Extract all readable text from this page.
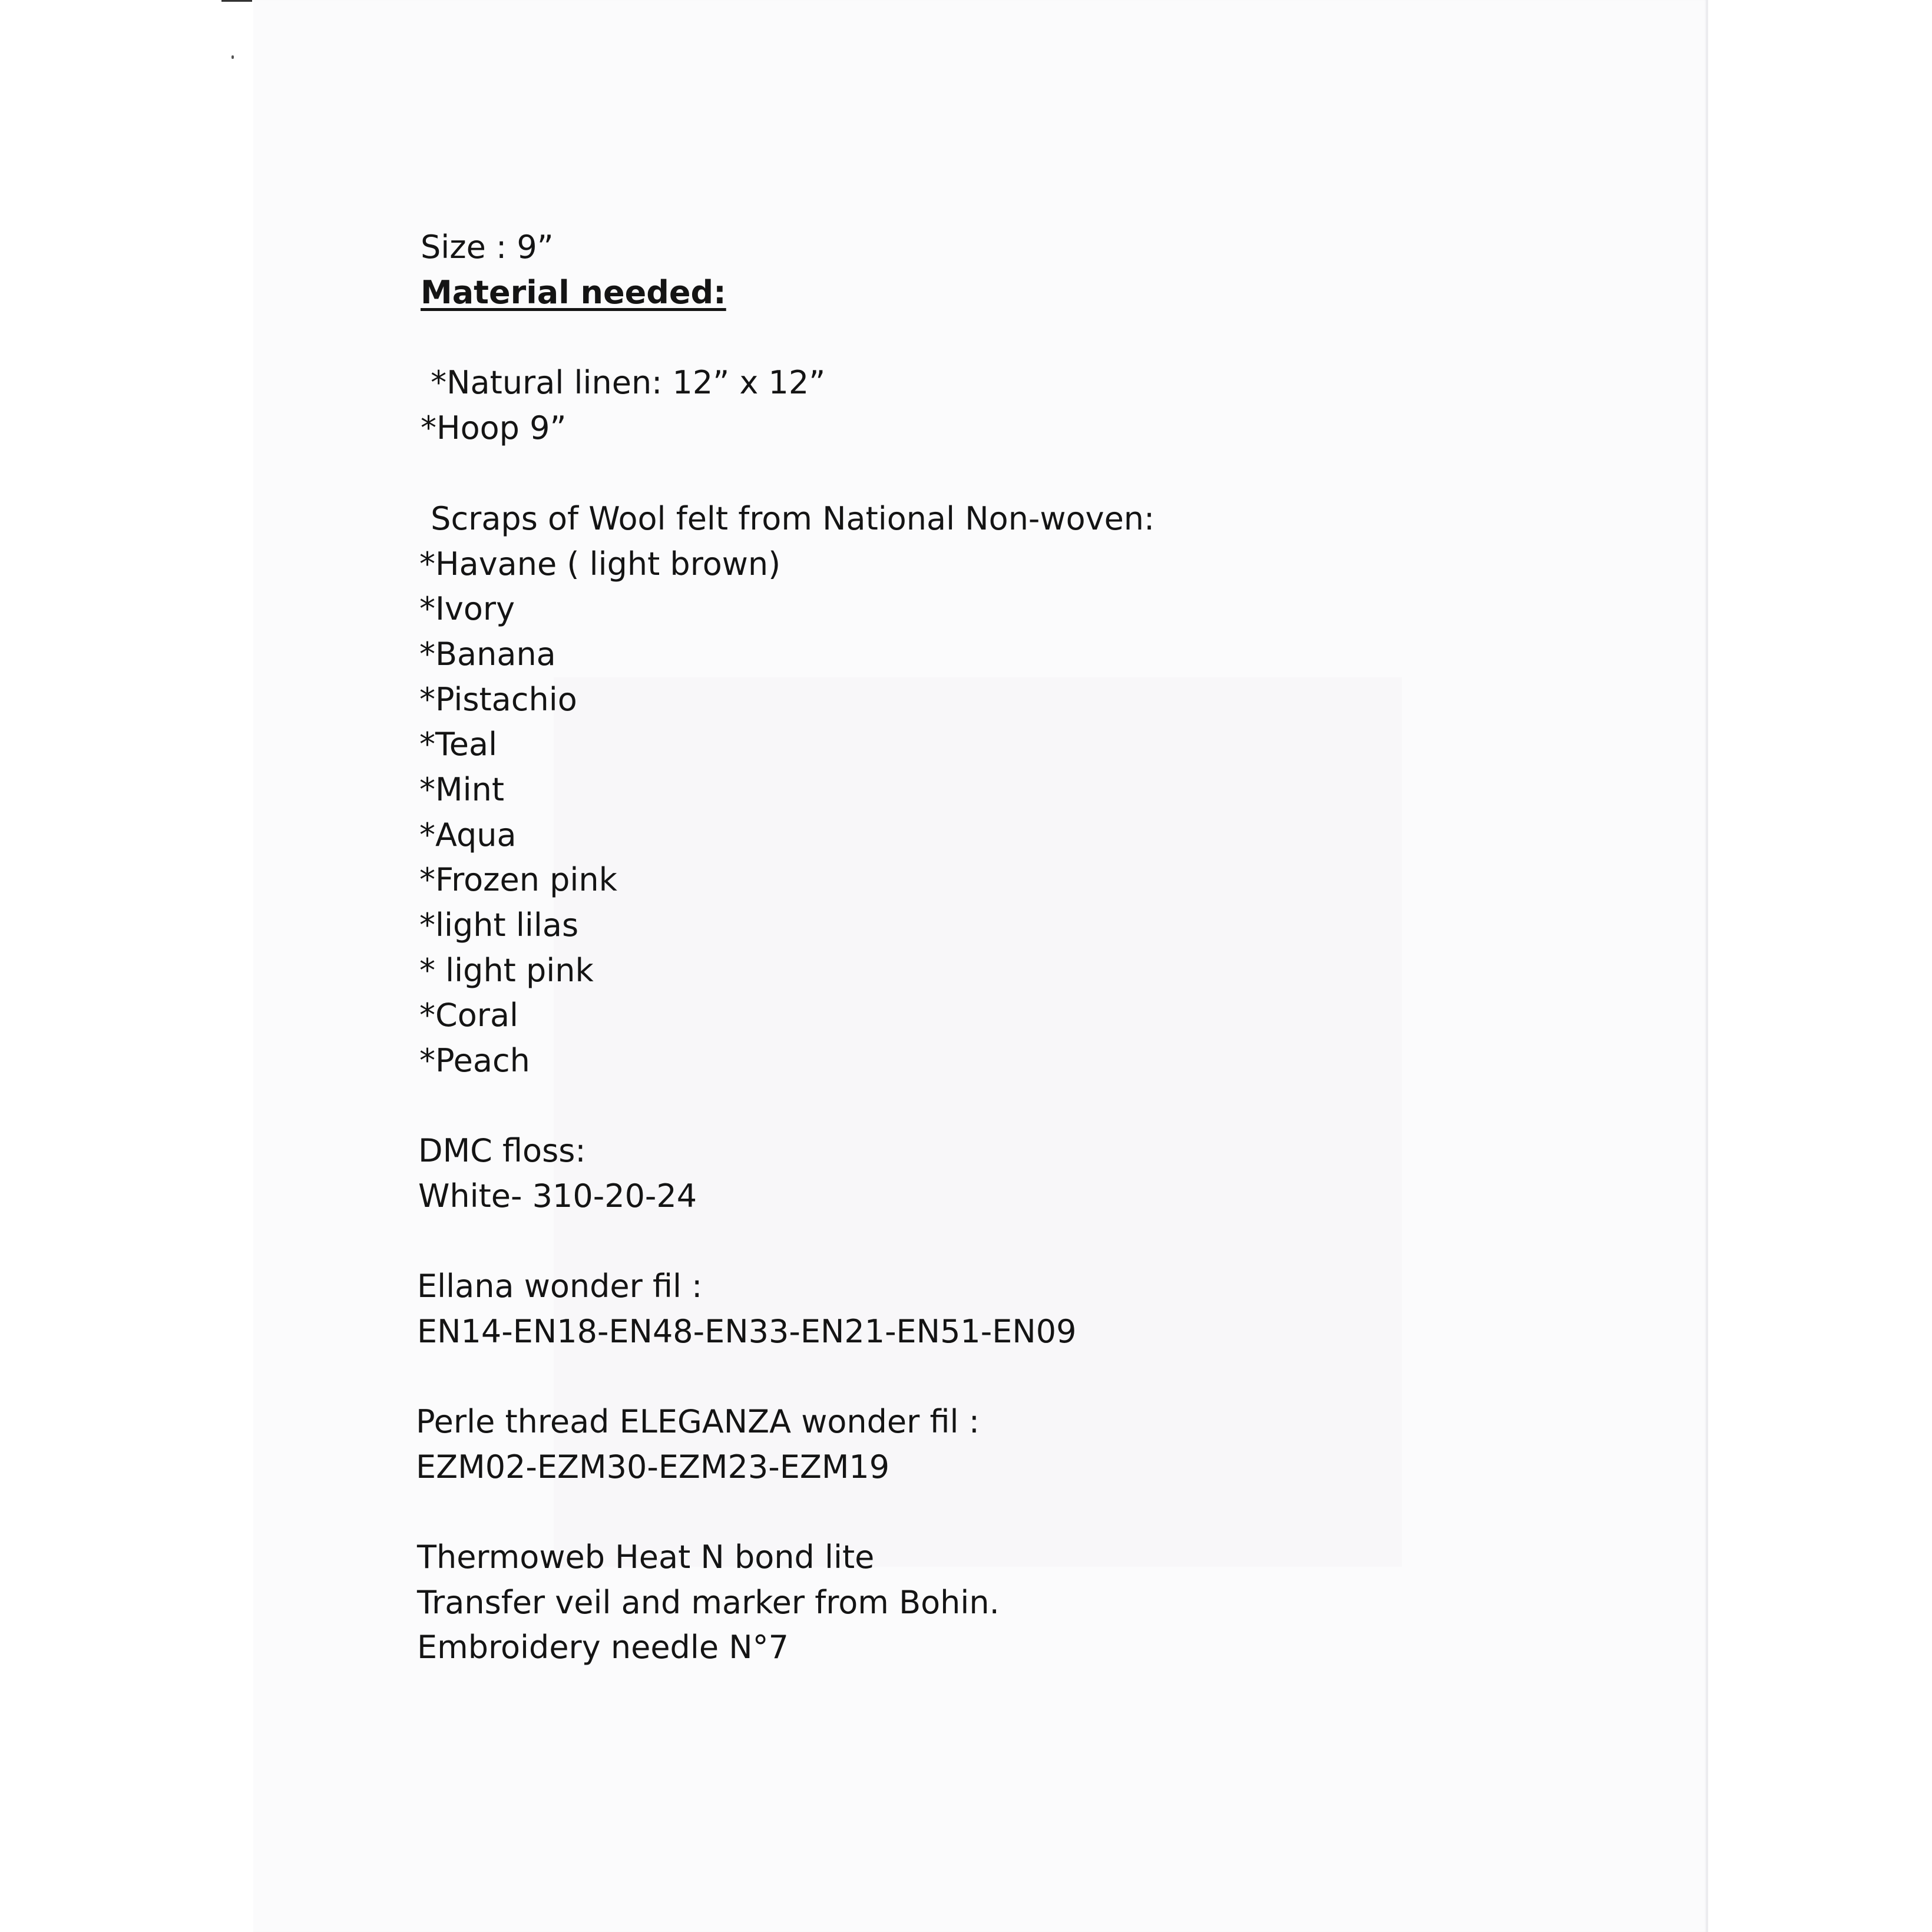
Size : 9”

Material needed:

*Natural linen: 12” x 12”

*Hoop 9”

Scraps of Wool felt from National Non-woven:

*Havane ( light brown)

*Ivory

*Banana

*Pistachio

*Teal

*Mint

*Aqua

*Frozen pink

*light lilas

* light pink

*Coral

*Peach

DMC floss:

White- 310-20-24

Ellana wonder fil :

EN14-EN18-EN48-EN33-EN21-EN51-EN09

Perle thread ELEGANZA wonder fil :

EZM02-EZM30-EZM23-EZM19

Thermoweb Heat N bond lite

Transfer veil and marker from Bohin.

Embroidery needle N°7
